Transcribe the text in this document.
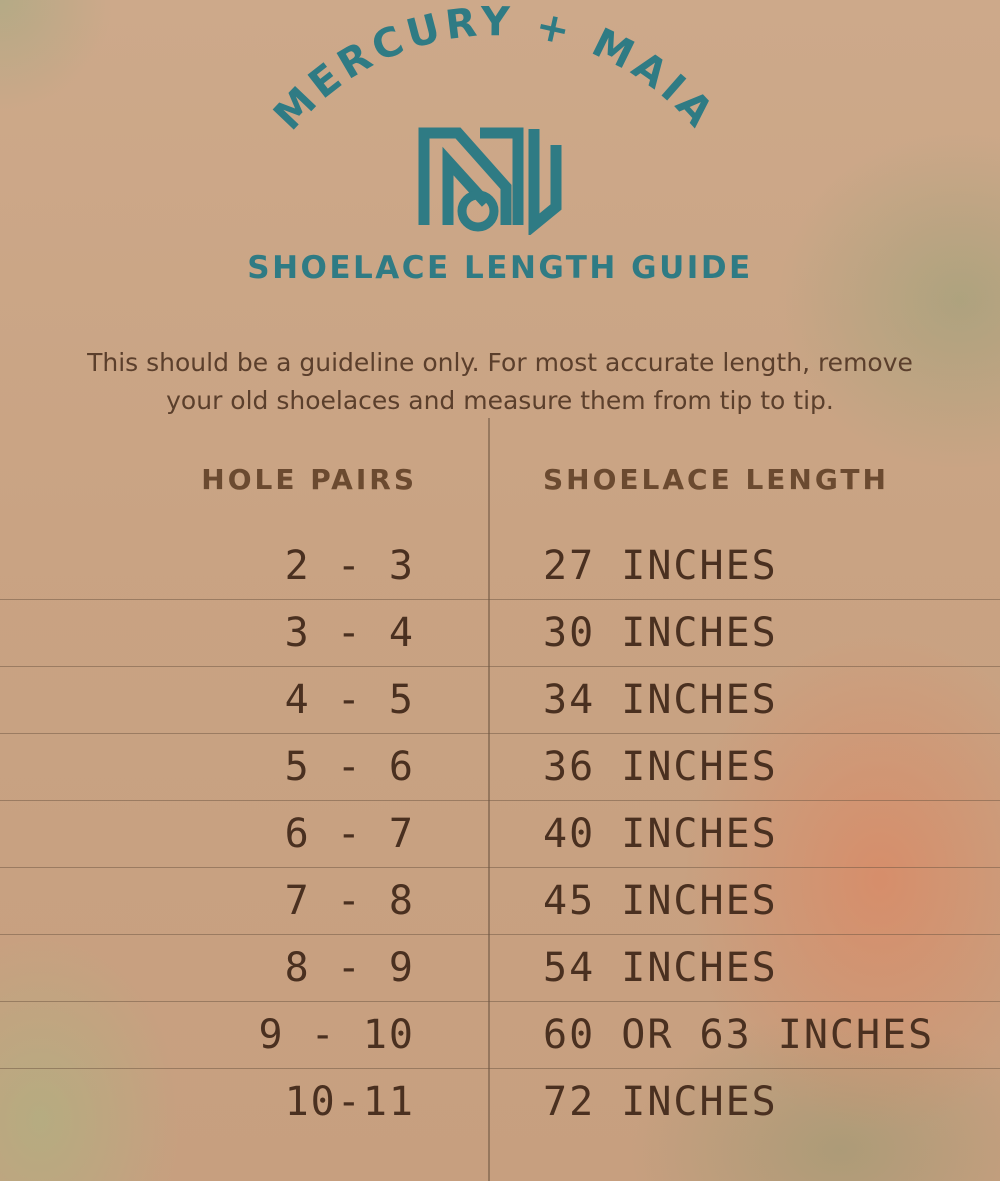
MERCURY + MAIA
SHOELACE LENGTH GUIDE
This should be a guideline only. For most accurate length, remove
your old shoelaces and measure them from tip to tip.
HOLE PAIRS	SHOELACE LENGTH
2 - 3	27 INCHES
3 - 4	30 INCHES
4 - 5	34 INCHES
5 - 6	36 INCHES
6 - 7	40 INCHES
7 - 8	45 INCHES
8 - 9	54 INCHES
9 - 10	60 OR 63 INCHES
10-11	72 INCHES
